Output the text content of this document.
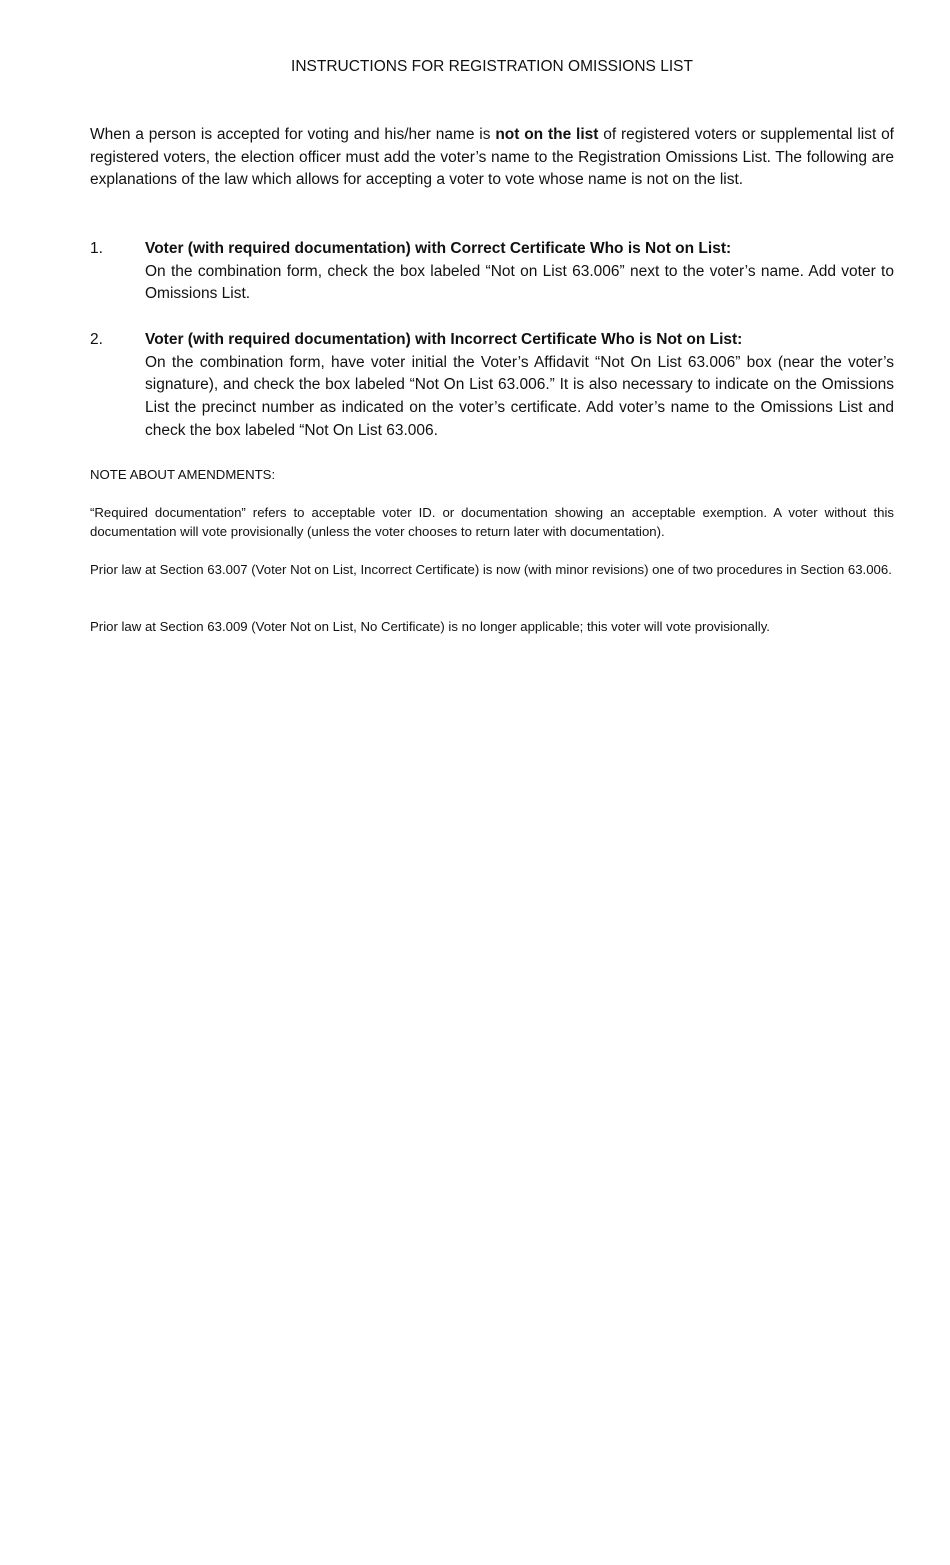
INSTRUCTIONS FOR REGISTRATION OMISSIONS LIST

When a person is accepted for voting and his/her name is not on the list of registered voters or supplemental list of registered voters, the election officer must add the voter’s name to the Registration Omissions List. The following are explanations of the law which allows for accepting a voter to vote whose name is not on the list.

1.	Voter (with required documentation) with Correct Certificate Who is Not on List:

On the combination form, check the box labeled “Not on List 63.006” next to the voter’s name. Add voter to Omissions List.

2.	Voter (with required documentation) with Incorrect Certificate Who is Not on List:

On the combination form, have voter initial the Voter’s Affidavit “Not On List 63.006” box (near the voter’s signature), and check the box labeled “Not On List 63.006.” It is also necessary to indicate on the Omissions List the precinct number as indicated on the voter’s certificate. Add voter’s name to the Omissions List and check the box labeled “Not On List 63.006.

NOTE ABOUT AMENDMENTS:

“Required documentation” refers to acceptable voter ID. or documentation showing an acceptable exemption. A voter without this documentation will vote provisionally (unless the voter chooses to return later with documentation).

Prior law at Section 63.007 (Voter Not on List, Incorrect Certificate) is now (with minor revisions) one of two procedures in Section 63.006.

Prior law at Section 63.009 (Voter Not on List, No Certificate) is no longer applicable; this voter will vote provisionally.
